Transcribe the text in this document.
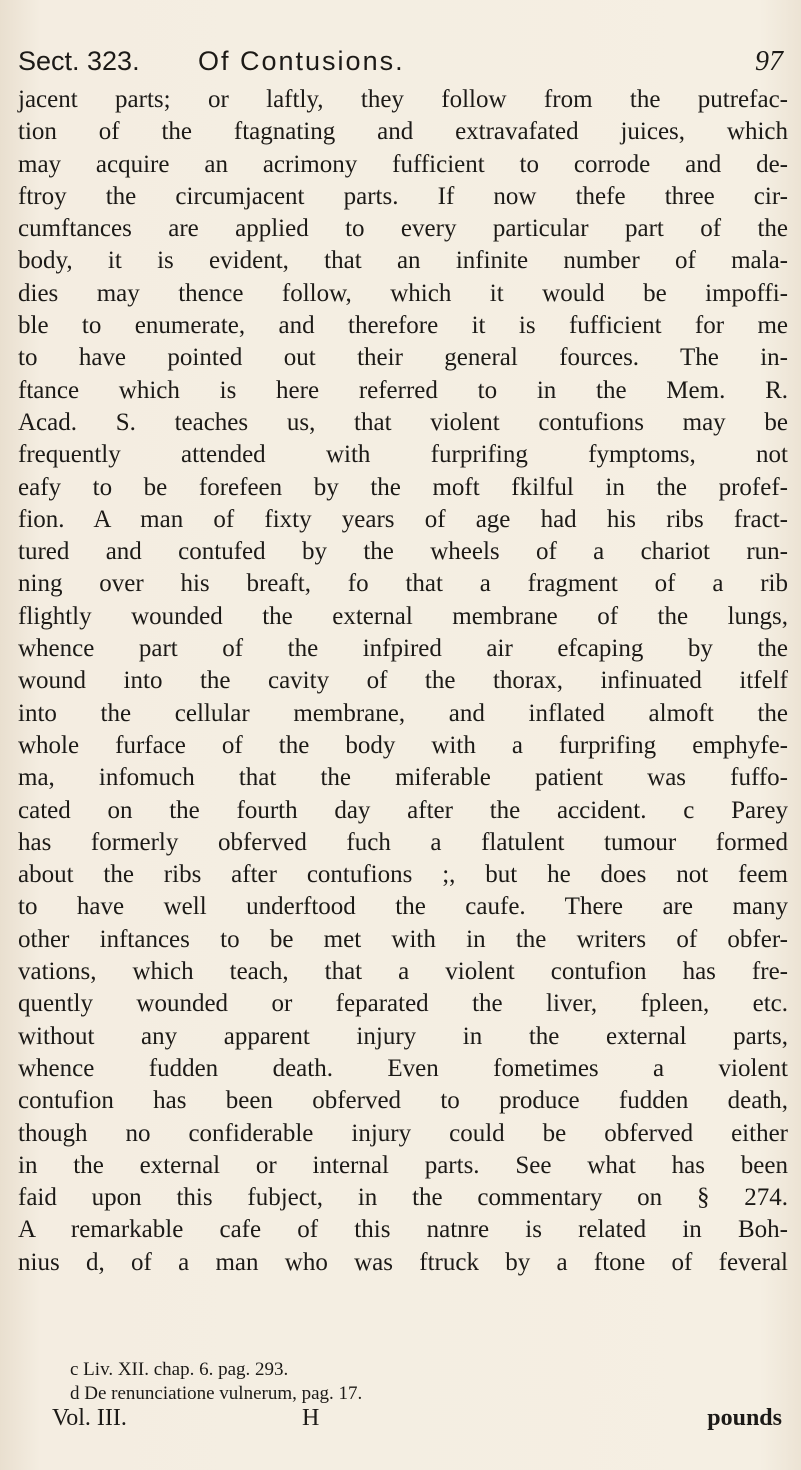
Sect. 323. Of Contusions.	97
jacent parts; or laftly, they follow from the putrefac-
tion of the ftagnating and extravafated juices, which
may acquire an acrimony fufficient to corrode and de-
ftroy the circumjacent parts. If now thefe three cir-
cumftances are applied to every particular part of the
body, it is evident, that an infinite number of mala-
dies may thence follow, which it would be impoffi-
ble to enumerate, and therefore it is fufficient for me
to have pointed out their general fources. The in-
ftance which is here referred to in the Mem. R.
Acad. S. teaches us, that violent contufions may be
frequently attended with furprifing fymptoms, not
eafy to be forefeen by the moft fkilful in the profef-
fion. A man of fixty years of age had his ribs fract-
tured and contufed by the wheels of a chariot run-
ning over his breaft, fo that a fragment of a rib
flightly wounded the external membrane of the lungs,
whence part of the infpired air efcaping by the
wound into the cavity of the thorax, infinuated itfelf
into the cellular membrane, and inflated almoft the
whole furface of the body with a furprifing emphyfe-
ma, infomuch that the miferable patient was fuffo-
cated on the fourth day after the accident. c Parey
has formerly obferved fuch a flatulent tumour formed
about the ribs after contufions ;, but he does not feem
to have well underftood the caufe. There are many
other inftances to be met with in the writers of obfer-
vations, which teach, that a violent contufion has fre-
quently wounded or feparated the liver, fpleen, etc.
without any apparent injury in the external parts,
whence fudden death. Even fometimes a violent
contufion has been obferved to produce fudden death,
though no confiderable injury could be obferved either
in the external or internal parts. See what has been
faid upon this fubject, in the commentary on § 274.
A remarkable cafe of this natnre is related in Boh-
nius d, of a man who was ftruck by a ftone of feveral
c Liv. XII. chap. 6. pag. 293.
d De renunciatione vulnerum, pag. 17.
Vol. III.	H	pounds
